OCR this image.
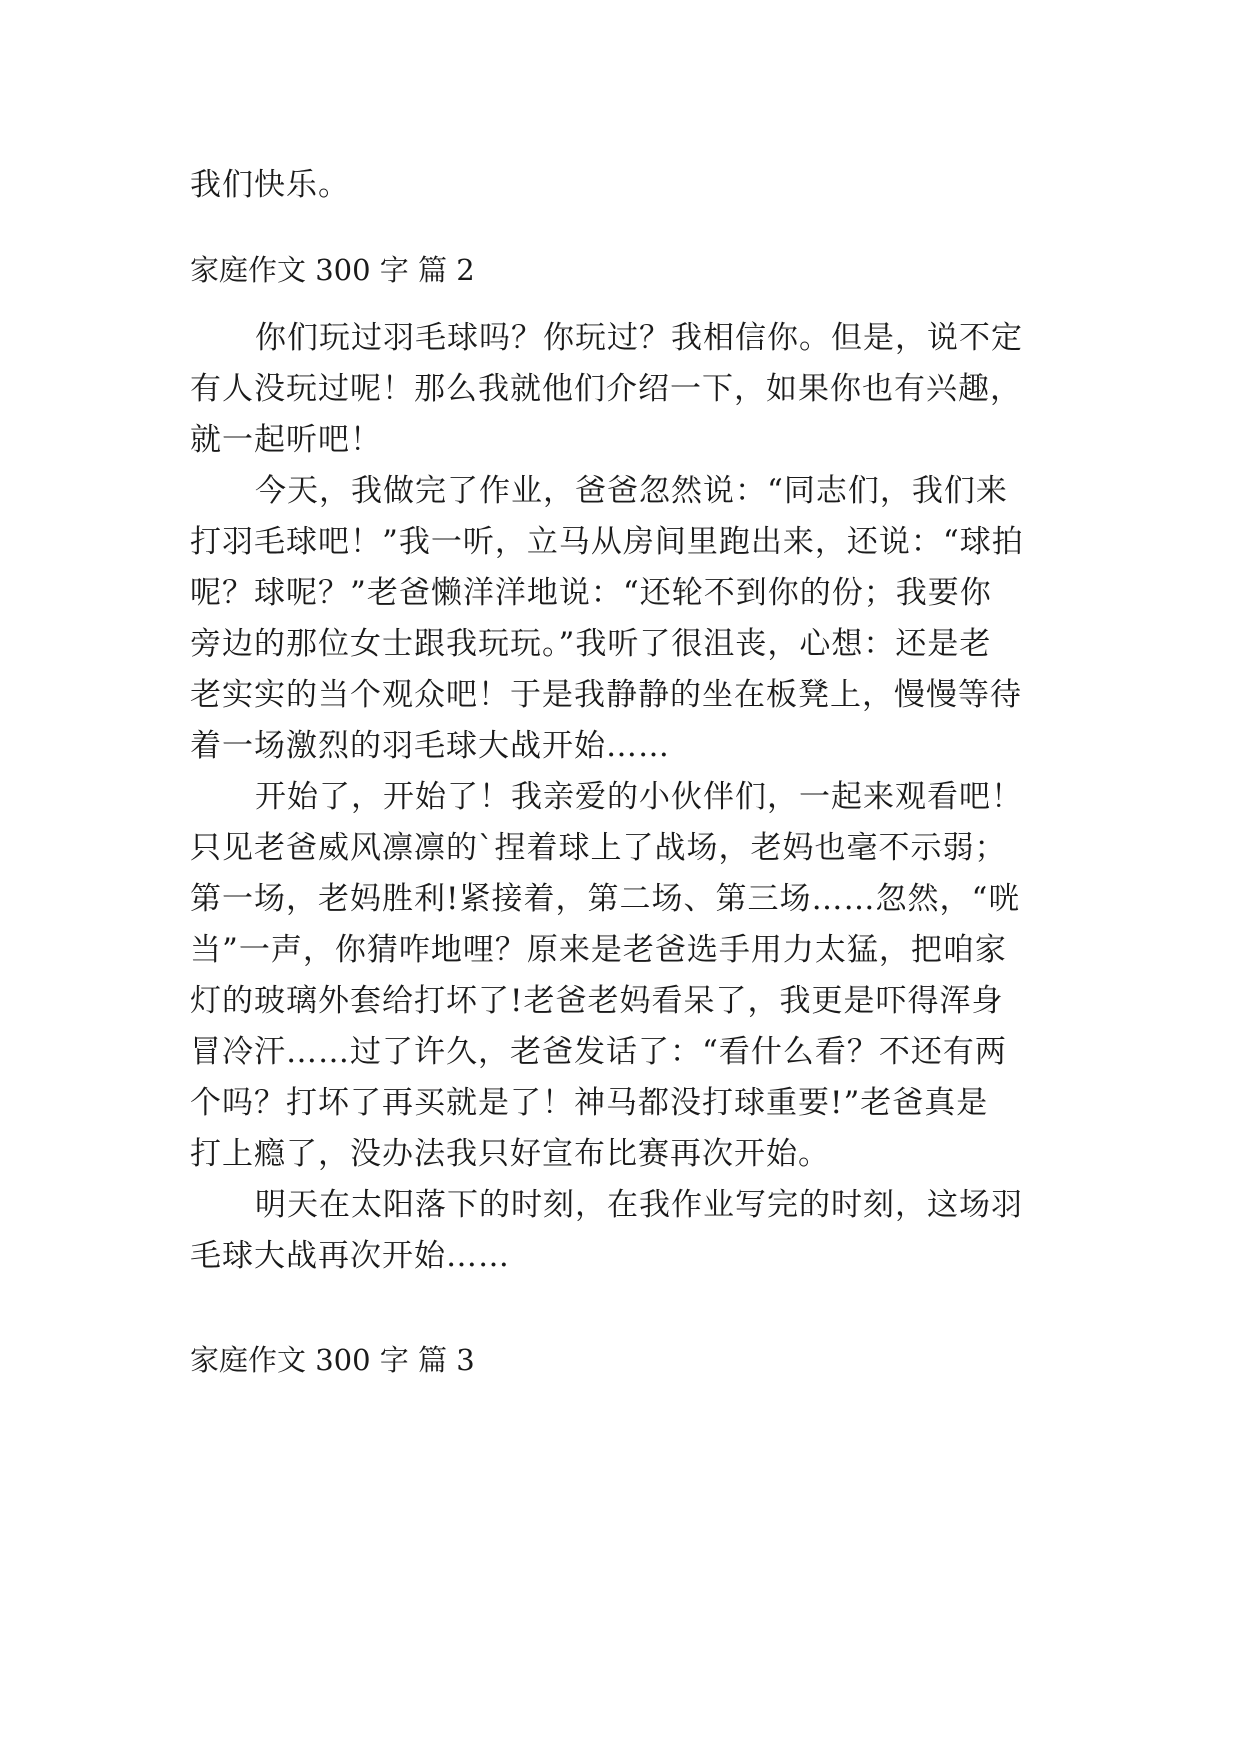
我们快乐。
家庭作文 300 字 篇 2
你们玩过羽毛球吗？你玩过？我相信你。但是，说不定
有人没玩过呢！那么我就他们介绍一下，如果你也有兴趣，
就一起听吧！
今天，我做完了作业，爸爸忽然说：“同志们，我们来
打羽毛球吧！”我一听，立马从房间里跑出来，还说：“球拍
呢？球呢？”老爸懒洋洋地说：“还轮不到你的份；我要你
旁边的那位女士跟我玩玩。”我听了很沮丧，心想：还是老
老实实的当个观众吧！于是我静静的坐在板凳上，慢慢等待
着一场激烈的羽毛球大战开始……
开始了，开始了！我亲爱的小伙伴们，一起来观看吧！
只见老爸威风凛凛的`捏着球上了战场，老妈也毫不示弱；
第一场，老妈胜利!紧接着，第二场、第三场……忽然，“咣
当”一声，你猜咋地哩？原来是老爸选手用力太猛，把咱家
灯的玻璃外套给打坏了!老爸老妈看呆了，我更是吓得浑身
冒冷汗……过了许久，老爸发话了：“看什么看？不还有两
个吗？打坏了再买就是了！神马都没打球重要!”老爸真是
打上瘾了，没办法我只好宣布比赛再次开始。
明天在太阳落下的时刻，在我作业写完的时刻，这场羽
毛球大战再次开始……
家庭作文 300 字 篇 3
